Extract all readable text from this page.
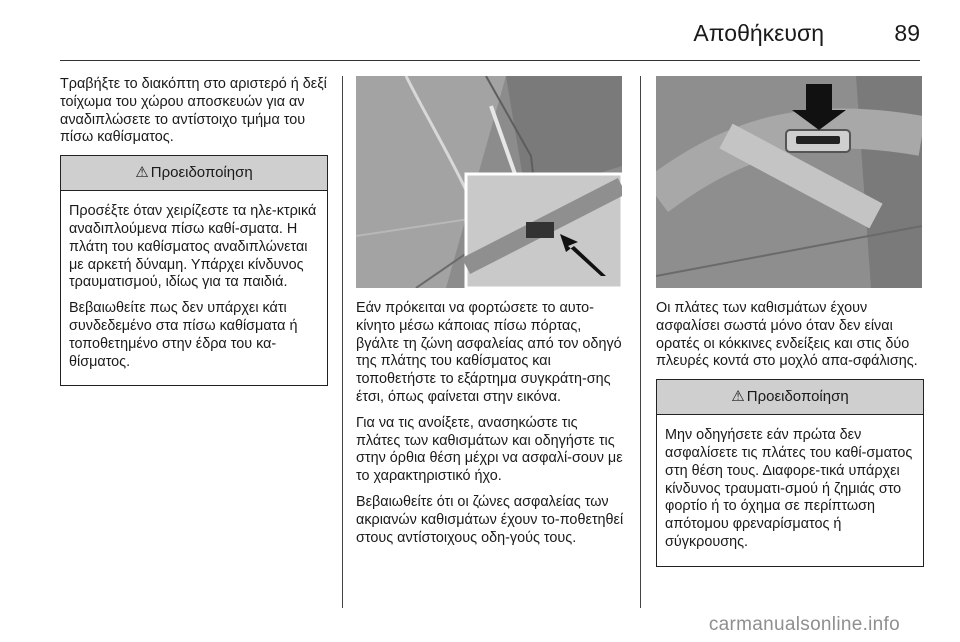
Αποθήκευση	89

Τραβήξτε το διακόπτη στο αριστερό ή δεξί τοίχωμα του χώρου αποσκευών για αν αναδιπλώσετε το αντίστοιχο τμήμα του πίσω καθίσματος.

⚠ Προειδοποίηση

Προσέξτε όταν χειρίζεστε τα ηλε-κτρικά αναδιπλούμενα πίσω καθί-σματα. Η πλάτη του καθίσματος αναδιπλώνεται με αρκετή δύναμη. Υπάρχει κίνδυνος τραυματισμού, ιδίως για τα παιδιά.

Βεβαιωθείτε πως δεν υπάρχει κάτι συνδεδεμένο στα πίσω καθίσματα ή τοποθετημένο στην έδρα του κα-θίσματος.

Εάν πρόκειται να φορτώσετε το αυτο-κίνητο μέσω κάποιας πίσω πόρτας, βγάλτε τη ζώνη ασφαλείας από τον οδηγό της πλάτης του καθίσματος και τοποθετήστε το εξάρτημα συγκράτη-σης έτσι, όπως φαίνεται στην εικόνα.

Για να τις ανοίξετε, ανασηκώστε τις πλάτες των καθισμάτων και οδηγήστε τις στην όρθια θέση μέχρι να ασφαλί-σουν με το χαρακτηριστικό ήχο.

Βεβαιωθείτε ότι οι ζώνες ασφαλείας των ακριανών καθισμάτων έχουν το-ποθετηθεί στους αντίστοιχους οδη-γούς τους.

Οι πλάτες των καθισμάτων έχουν ασφαλίσει σωστά μόνο όταν δεν είναι ορατές οι κόκκινες ενδείξεις και στις δύο πλευρές κοντά στο μοχλό απα-σφάλισης.

⚠ Προειδοποίηση

Μην οδηγήσετε εάν πρώτα δεν ασφαλίσετε τις πλάτες του καθί-σματος στη θέση τους. Διαφορε-τικά υπάρχει κίνδυνος τραυματι-σμού ή ζημιάς στο φορτίο ή το όχημα σε περίπτωση απότομου φρεναρίσματος ή σύγκρουσης.

carmanualsonline.info
